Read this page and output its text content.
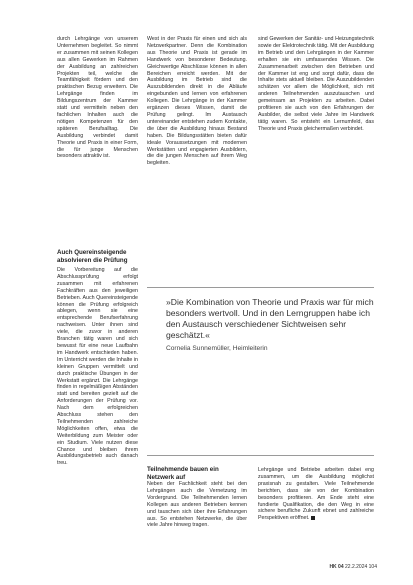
durch Lehrgänge von unserem Unternehmen begleitet. So nimmt er zusammen mit seinen Kollegen aus allen Gewerken im Rahmen der Ausbildung an zahlreichen Projekten teil, welche die Teamfähigkeit fördern und den praktischen Bezug erweitern. Die Lehrgänge finden im Bildungszentrum der Kammer statt und vermitteln neben den fachlichen Inhalten auch die nötigen Kompetenzen für den späteren Berufsalltag. Die Ausbildung verbindet damit Theorie und Praxis in einer Form, die für junge Menschen besonders attraktiv ist.

Auch Quereinsteigende absolvieren die Prüfung

Die Vorbereitung auf die Abschlussprüfung erfolgt zusammen mit erfahrenen Fachkräften aus den jeweiligen Betrieben. Auch Quereinsteigende können die Prüfung erfolgreich ablegen, wenn sie eine entsprechende Berufserfahrung nachweisen. Unter ihnen sind viele, die zuvor in anderen Branchen tätig waren und sich bewusst für eine neue Laufbahn im Handwerk entschieden haben. Im Unterricht werden die Inhalte in kleinen Gruppen vermittelt und durch praktische Übungen in der Werkstatt ergänzt. Die Lehrgänge finden in regelmäßigen Abständen statt und bereiten gezielt auf die Anforderungen der Prüfung vor. Nach dem erfolgreichen Abschluss stehen den Teilnehmenden zahlreiche Möglichkeiten offen, etwa die Weiterbildung zum Meister oder ein Studium. Viele nutzen diese Chance und bleiben ihrem Ausbildungsbetrieb auch danach treu.

West in der Praxis für einen und sich als Netzwerkpartner. Denn die Kombination aus Theorie und Praxis ist gerade im Handwerk von besonderer Bedeutung. Gleichwertige Abschlüsse können in allen Bereichen erreicht werden. Mit der Ausbildung im Betrieb sind die Auszubildenden direkt in die Abläufe eingebunden und lernen von erfahrenen Kollegen. Die Lehrgänge in der Kammer ergänzen dieses Wissen, damit die Prüfung gelingt. Im Austausch untereinander entstehen zudem Kontakte, die über die Ausbildung hinaus Bestand haben. Die Bildungsstätten bieten dafür ideale Voraussetzungen mit modernen Werkstätten und engagierten Ausbildern, die die jungen Menschen auf ihrem Weg begleiten.

sind Gewerken der Sanitär- und Heizungstechnik sowie der Elektrotechnik tätig. Mit der Ausbildung im Betrieb und den Lehrgängen in der Kammer erhalten sie ein umfassendes Wissen. Die Zusammenarbeit zwischen den Betrieben und der Kammer ist eng und sorgt dafür, dass die Inhalte stets aktuell bleiben. Die Auszubildenden schätzen vor allem die Möglichkeit, sich mit anderen Teilnehmenden auszutauschen und gemeinsam an Projekten zu arbeiten. Dabei profitieren sie auch von den Erfahrungen der Ausbilder, die selbst viele Jahre im Handwerk tätig waren. So entsteht ein Lernumfeld, das Theorie und Praxis gleichermaßen verbindet.

»Die Kombination von Theorie und Praxis war für mich besonders wertvoll. Und in den Lerngruppen habe ich den Austausch verschiedener Sichtweisen sehr geschätzt.«

Cornelia Sunnemüller, Heimleiterin

Teilnehmende bauen ein Netzwerk auf

Neben der Fachlichkeit steht bei den Lehrgängen auch die Vernetzung im Vordergrund. Die Teilnehmenden lernen Kollegen aus anderen Betrieben kennen und tauschen sich über ihre Erfahrungen aus. So entstehen Netzwerke, die über viele Jahre hinweg tragen.

Lehrgänge und Betriebe arbeiten dabei eng zusammen, um die Ausbildung möglichst praxisnah zu gestalten. Viele Teilnehmende berichten, dass sie von der Kombination besonders profitieren. Am Ende steht eine fundierte Qualifikation, die den Weg in eine sichere berufliche Zukunft ebnet und zahlreiche Perspektiven eröffnet.

HK 04 22.2.2024 104
